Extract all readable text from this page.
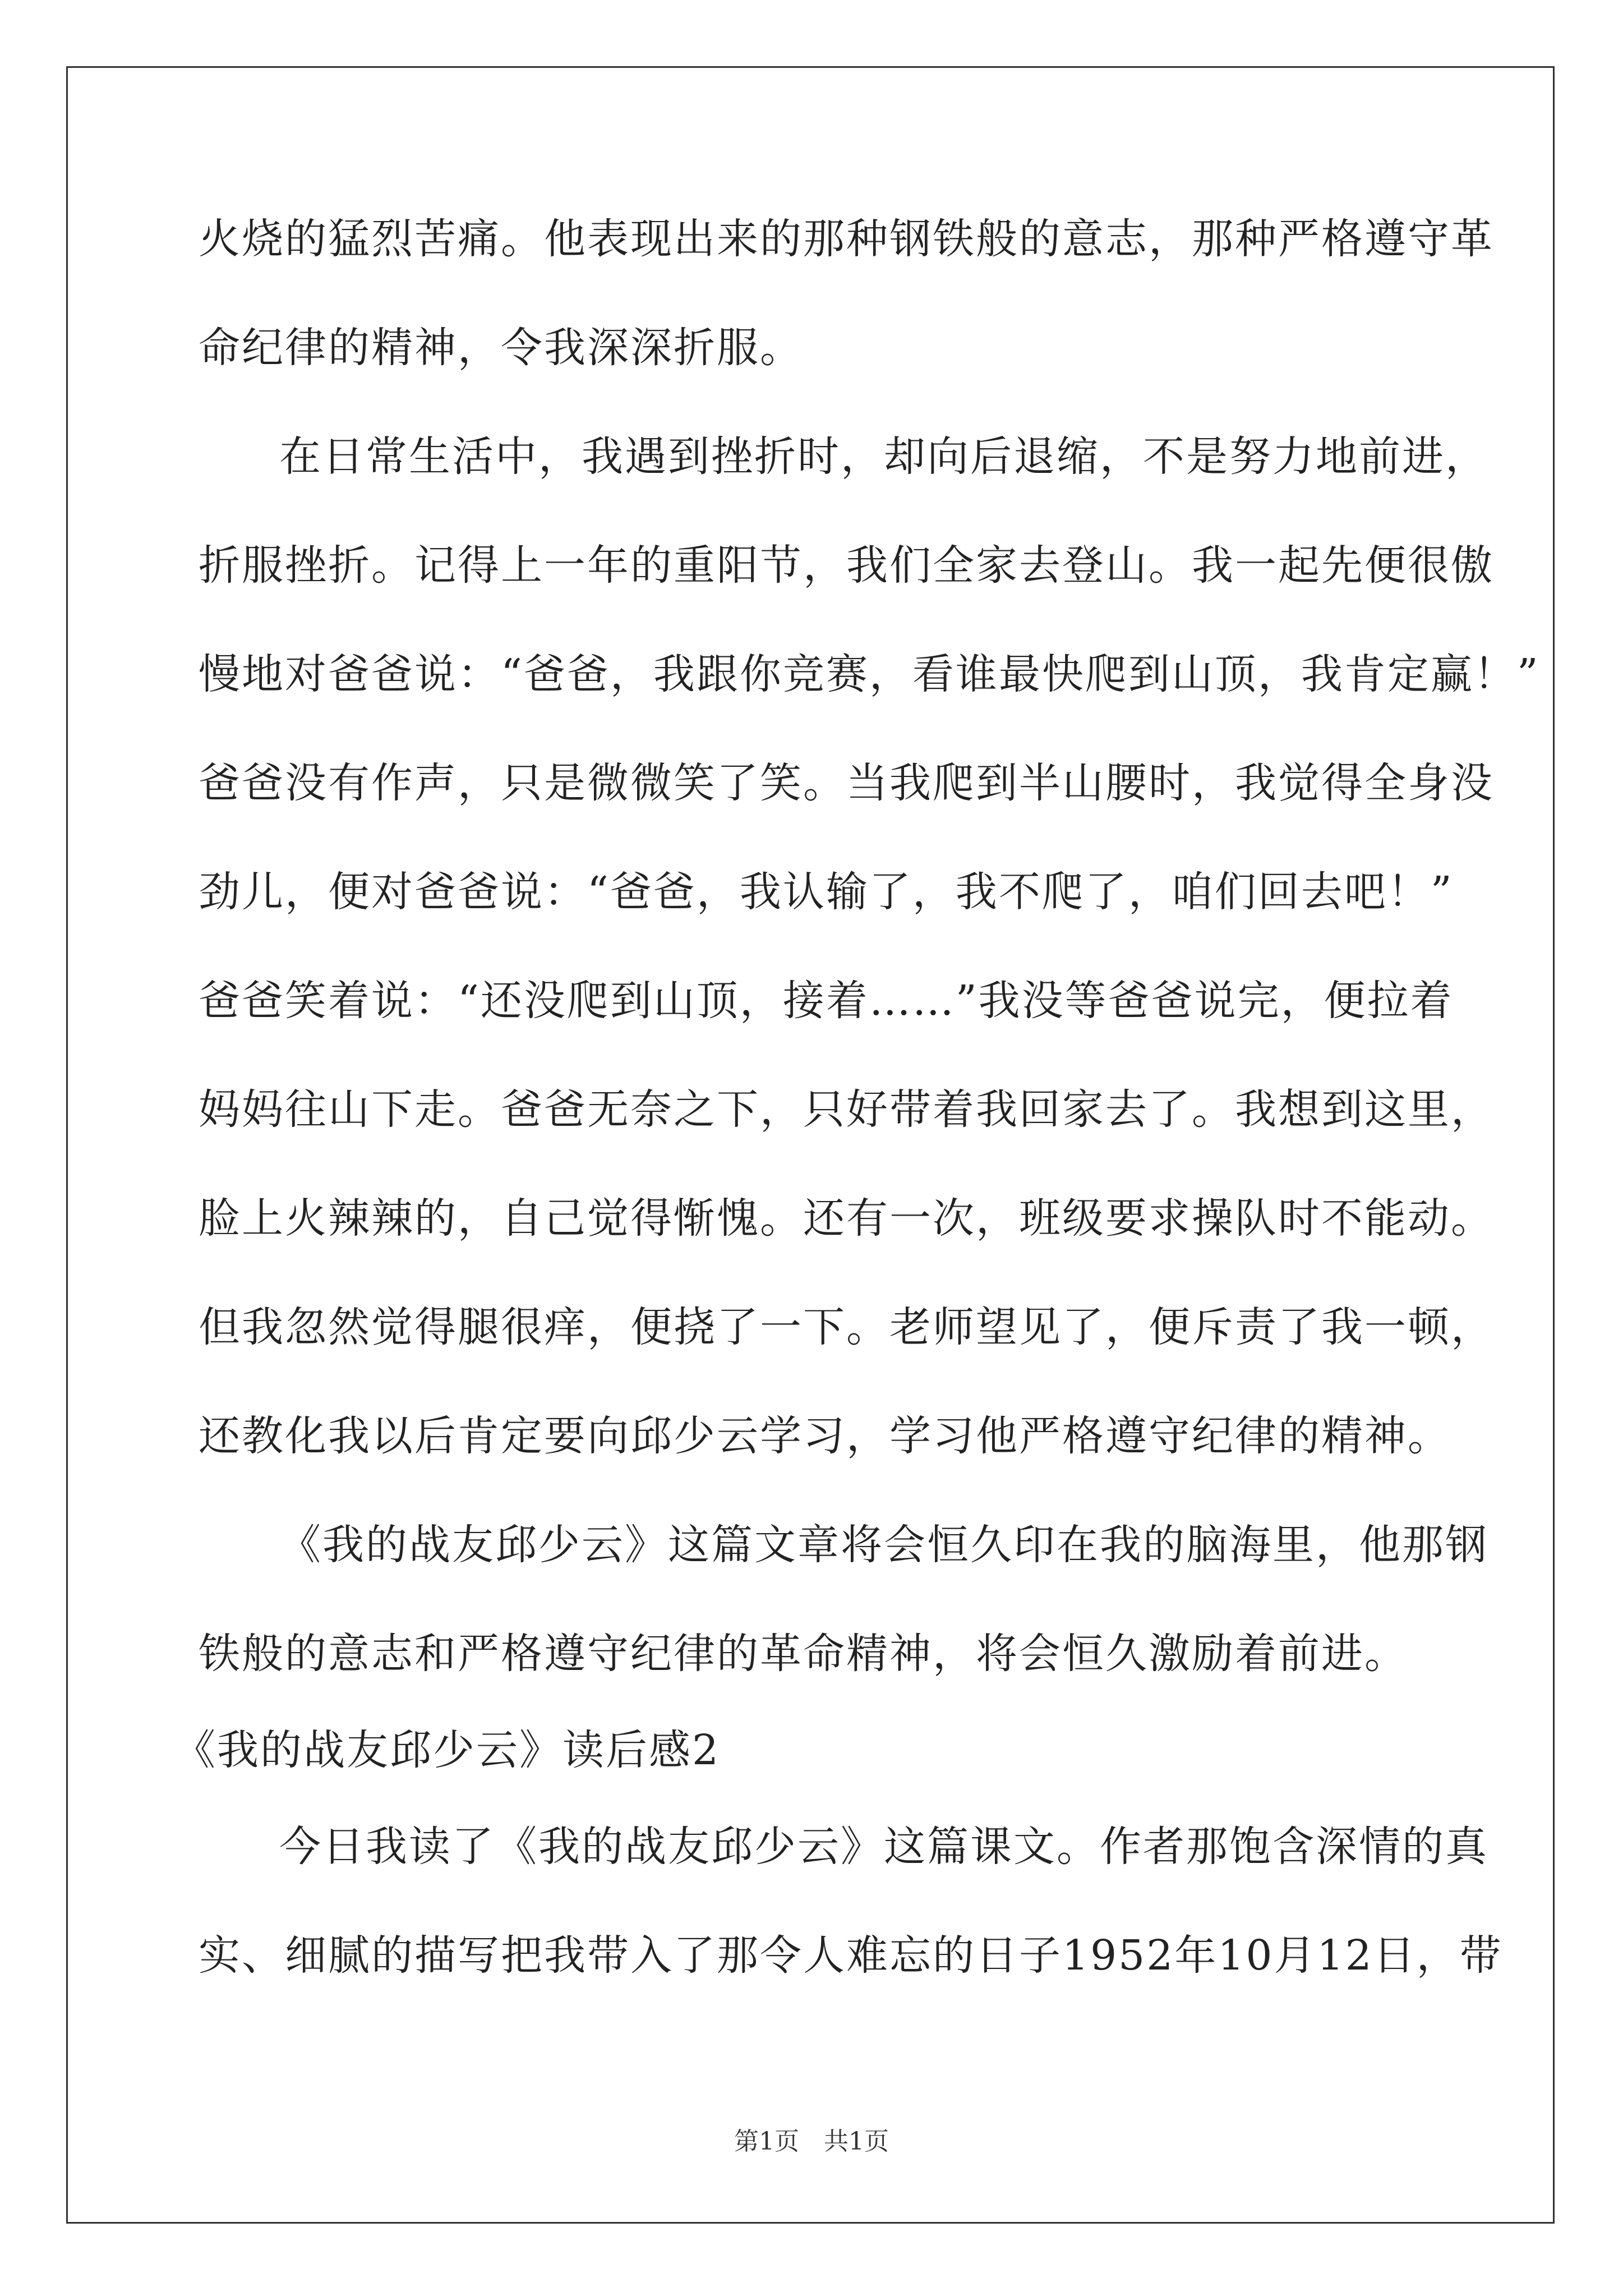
火烧的猛烈苦痛。他表现出来的那种钢铁般的意志，那种严格遵守革
命纪律的精神，令我深深折服。
在日常生活中，我遇到挫折时，却向后退缩，不是努力地前进，
折服挫折。记得上一年的重阳节，我们全家去登山。我一起先便很傲
慢地对爸爸说：“爸爸，我跟你竞赛，看谁最快爬到山顶，我肯定赢！”
爸爸没有作声，只是微微笑了笑。当我爬到半山腰时，我觉得全身没
劲儿，便对爸爸说：“爸爸，我认输了，我不爬了，咱们回去吧！”
爸爸笑着说：“还没爬到山顶，接着……”我没等爸爸说完，便拉着
妈妈往山下走。爸爸无奈之下，只好带着我回家去了。我想到这里，
脸上火辣辣的，自己觉得惭愧。还有一次，班级要求操队时不能动。
但我忽然觉得腿很痒，便挠了一下。老师望见了，便斥责了我一顿，
还教化我以后肯定要向邱少云学习，学习他严格遵守纪律的精神。
《我的战友邱少云》这篇文章将会恒久印在我的脑海里，他那钢
铁般的意志和严格遵守纪律的革命精神，将会恒久激励着前进。
《我的战友邱少云》读后感2
今日我读了《我的战友邱少云》这篇课文。作者那饱含深情的真
实、细腻的描写把我带入了那令人难忘的日子1952年10月12日，带
第1页　共1页
